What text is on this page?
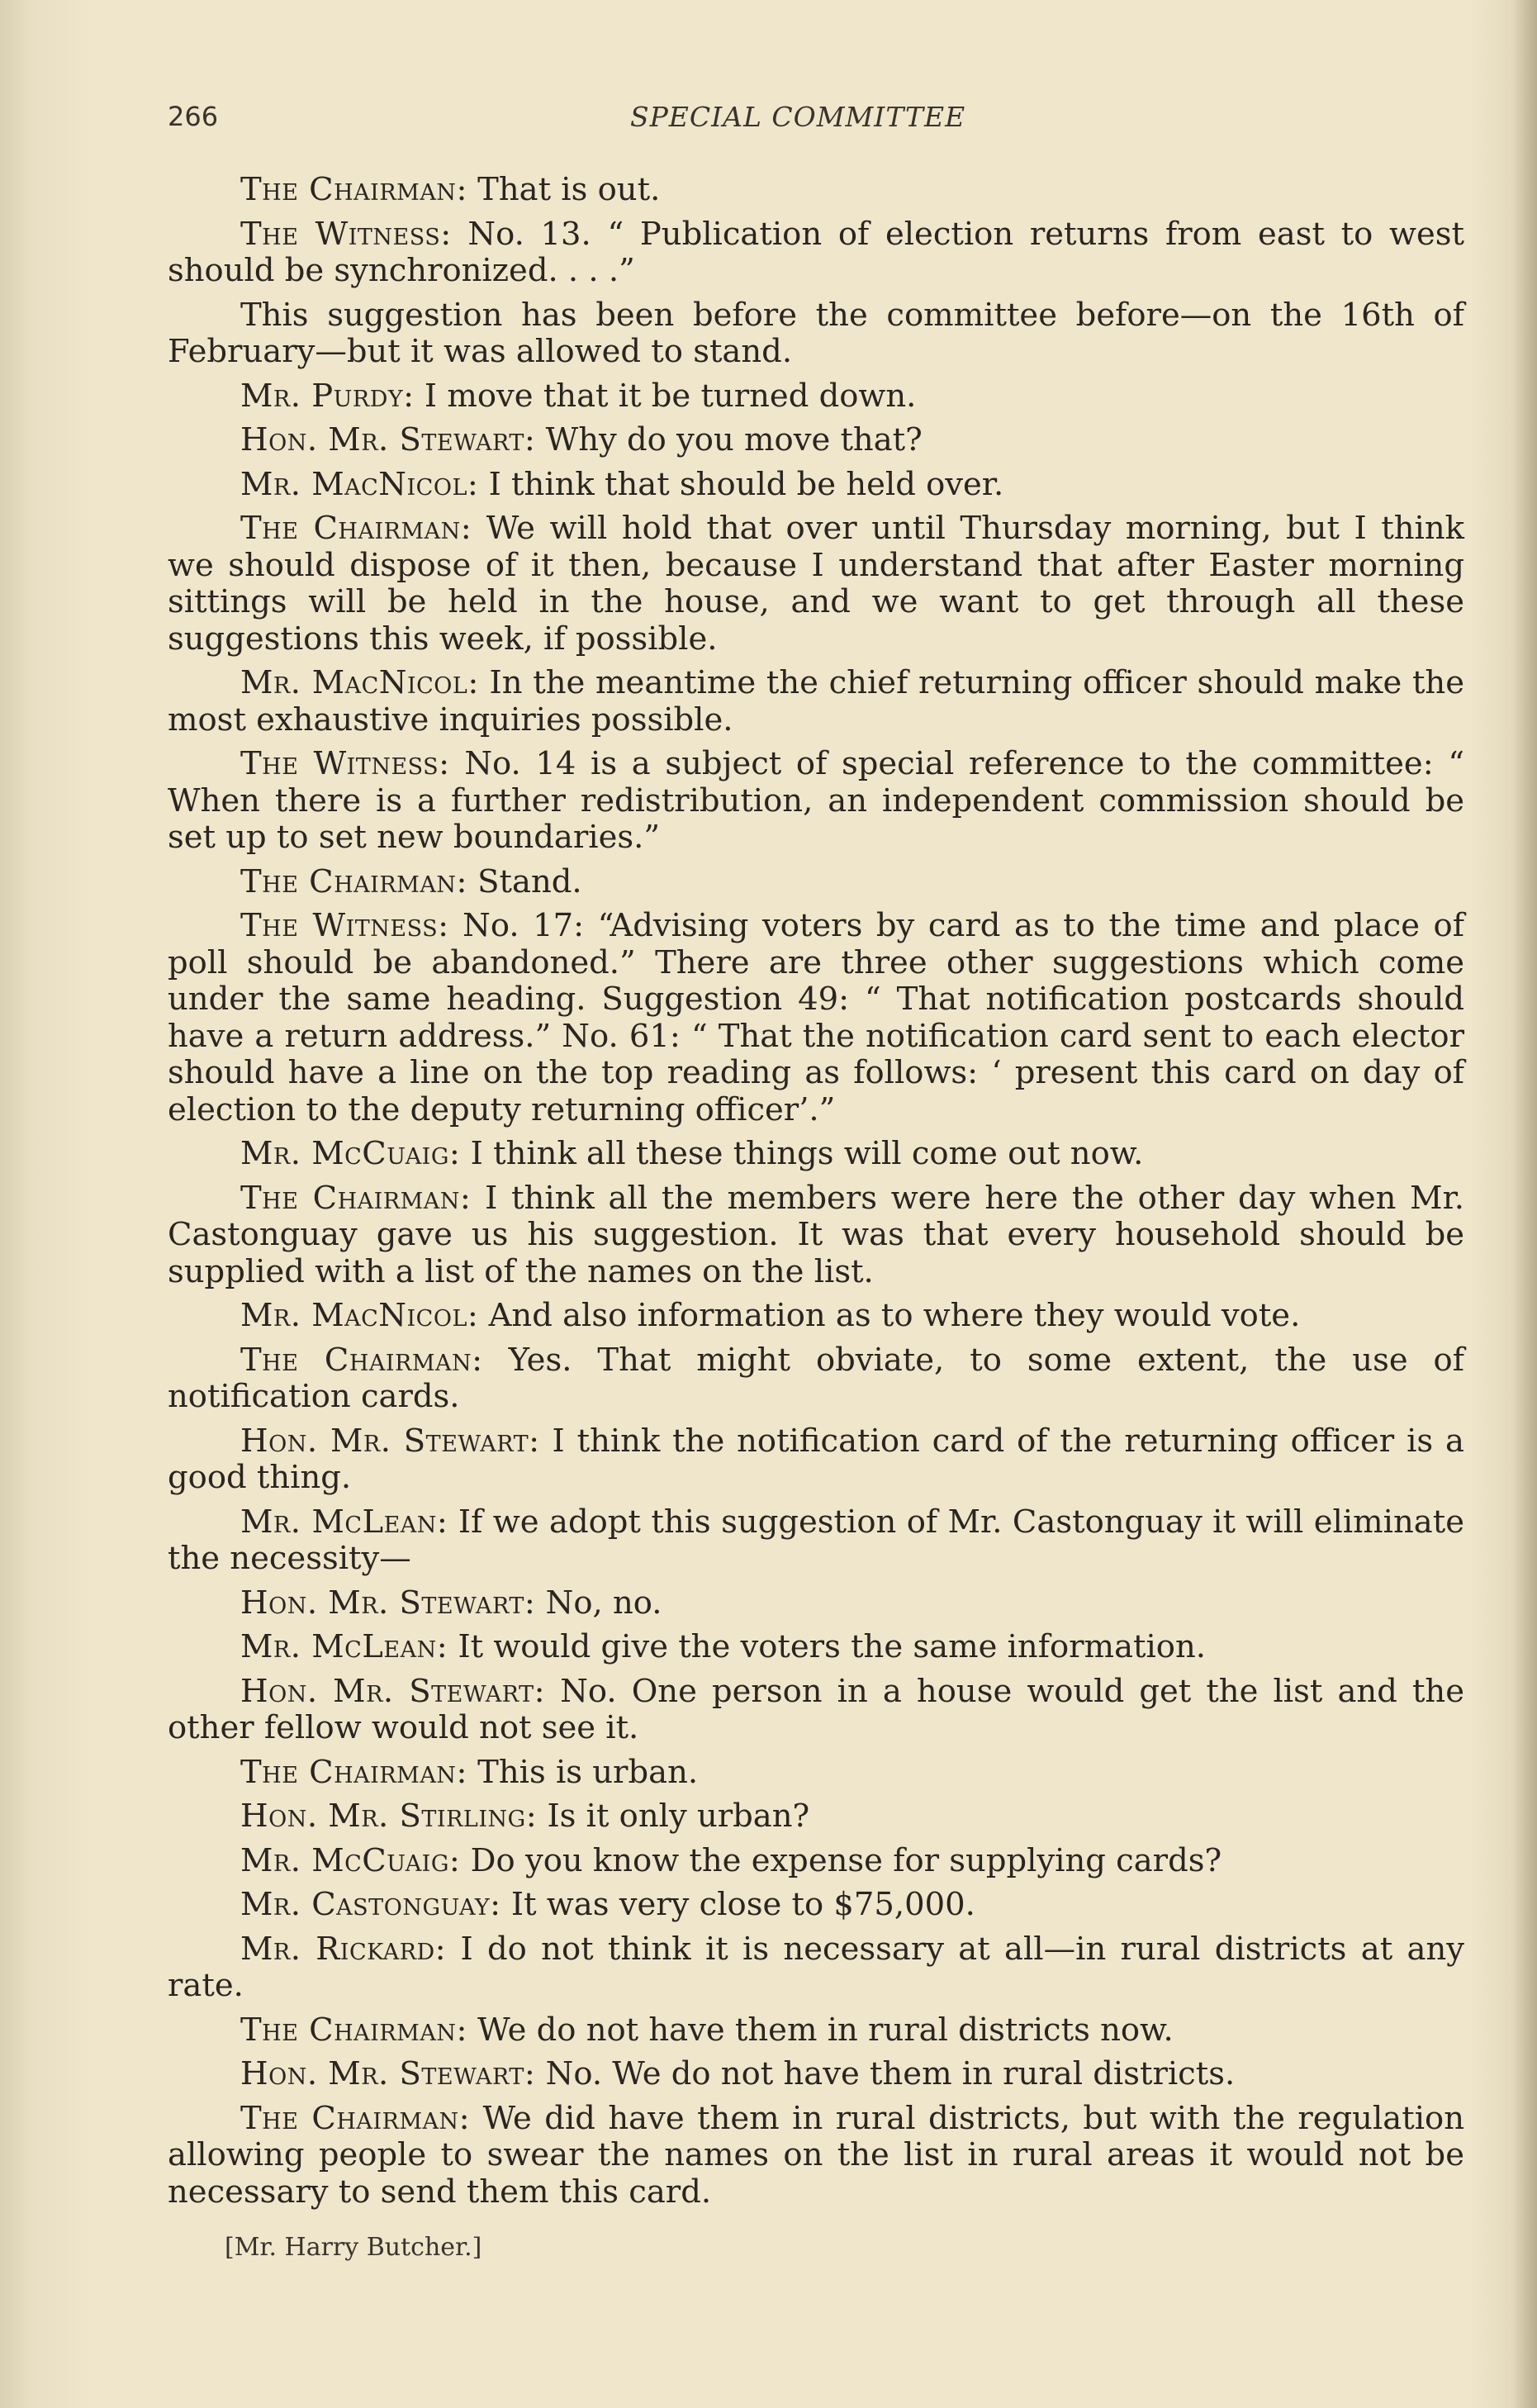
266	SPECIAL COMMITTEE

The Chairman: That is out.

The Witness: No. 13. “ Publication of election returns from east to west should be synchronized. . . .”

This suggestion has been before the committee before—on the 16th of February—but it was allowed to stand.

Mr. Purdy: I move that it be turned down.

Hon. Mr. Stewart: Why do you move that?

Mr. MacNicol: I think that should be held over.

The Chairman: We will hold that over until Thursday morning, but I think we should dispose of it then, because I understand that after Easter morning sittings will be held in the house, and we want to get through all these suggestions this week, if possible.

Mr. MacNicol: In the meantime the chief returning officer should make the most exhaustive inquiries possible.

The Witness: No. 14 is a subject of special reference to the committee: “ When there is a further redistribution, an independent commission should be set up to set new boundaries.”

The Chairman: Stand.

The Witness: No. 17: “Advising voters by card as to the time and place of poll should be abandoned.” There are three other suggestions which come under the same heading. Suggestion 49: “ That notification postcards should have a return address.” No. 61: “ That the notification card sent to each elector should have a line on the top reading as follows: ‘ present this card on day of election to the deputy returning officer’.”

Mr. McCuaig: I think all these things will come out now.

The Chairman: I think all the members were here the other day when Mr. Castonguay gave us his suggestion. It was that every household should be supplied with a list of the names on the list.

Mr. MacNicol: And also information as to where they would vote.

The Chairman: Yes. That might obviate, to some extent, the use of notification cards.

Hon. Mr. Stewart: I think the notification card of the returning officer is a good thing.

Mr. McLean: If we adopt this suggestion of Mr. Castonguay it will eliminate the necessity—

Hon. Mr. Stewart: No, no.

Mr. McLean: It would give the voters the same information.

Hon. Mr. Stewart: No. One person in a house would get the list and the other fellow would not see it.

The Chairman: This is urban.

Hon. Mr. Stirling: Is it only urban?

Mr. McCuaig: Do you know the expense for supplying cards?

Mr. Castonguay: It was very close to $75,000.

Mr. Rickard: I do not think it is necessary at all—in rural districts at any rate.

The Chairman: We do not have them in rural districts now.

Hon. Mr. Stewart: No. We do not have them in rural districts.

The Chairman: We did have them in rural districts, but with the regulation allowing people to swear the names on the list in rural areas it would not be necessary to send them this card.

[Mr. Harry Butcher.]
